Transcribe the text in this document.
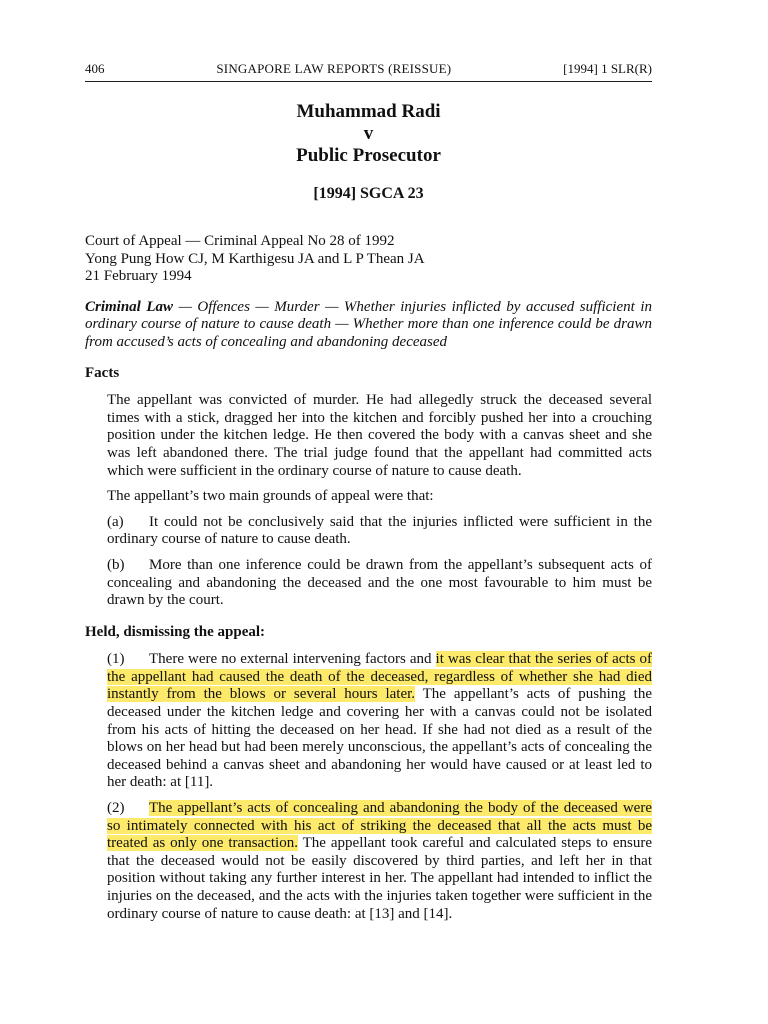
406	SINGAPORE LAW REPORTS (REISSUE)	[1994] 1 SLR(R)
Muhammad Radi
v
Public Prosecutor
[1994] SGCA 23

Court of Appeal — Criminal Appeal No 28 of 1992

Yong Pung How CJ, M Karthigesu JA and L P Thean JA

21 February 1994

Criminal Law — Offences — Murder — Whether injuries inflicted by accused sufficient in ordinary course of nature to cause death — Whether more than one inference could be drawn from accused’s acts of concealing and abandoning deceased

Facts

The appellant was convicted of murder. He had allegedly struck the deceased several times with a stick, dragged her into the kitchen and forcibly pushed her into a crouching position under the kitchen ledge. He then covered the body with a canvas sheet and she was left abandoned there. The trial judge found that the appellant had committed acts which were sufficient in the ordinary course of nature to cause death.

The appellant’s two main grounds of appeal were that:

(a) It could not be conclusively said that the injuries inflicted were sufficient in the ordinary course of nature to cause death.

(b) More than one inference could be drawn from the appellant’s subsequent acts of concealing and abandoning the deceased and the one most favourable to him must be drawn by the court.

Held, dismissing the appeal:

(1) There were no external intervening factors and it was clear that the series of acts of the appellant had caused the death of the deceased, regardless of whether she had died instantly from the blows or several hours later. The appellant’s acts of pushing the deceased under the kitchen ledge and covering her with a canvas could not be isolated from his acts of hitting the deceased on her head. If she had not died as a result of the blows on her head but had been merely unconscious, the appellant’s acts of concealing the deceased behind a canvas sheet and abandoning her would have caused or at least led to her death: at [11].

(2) The appellant’s acts of concealing and abandoning the body of the deceased were so intimately connected with his act of striking the deceased that all the acts must be treated as only one transaction. The appellant took careful and calculated steps to ensure that the deceased would not be easily discovered by third parties, and left her in that position without taking any further interest in her. The appellant had intended to inflict the injuries on the deceased, and the acts with the injuries taken together were sufficient in the ordinary course of nature to cause death: at [13] and [14].
